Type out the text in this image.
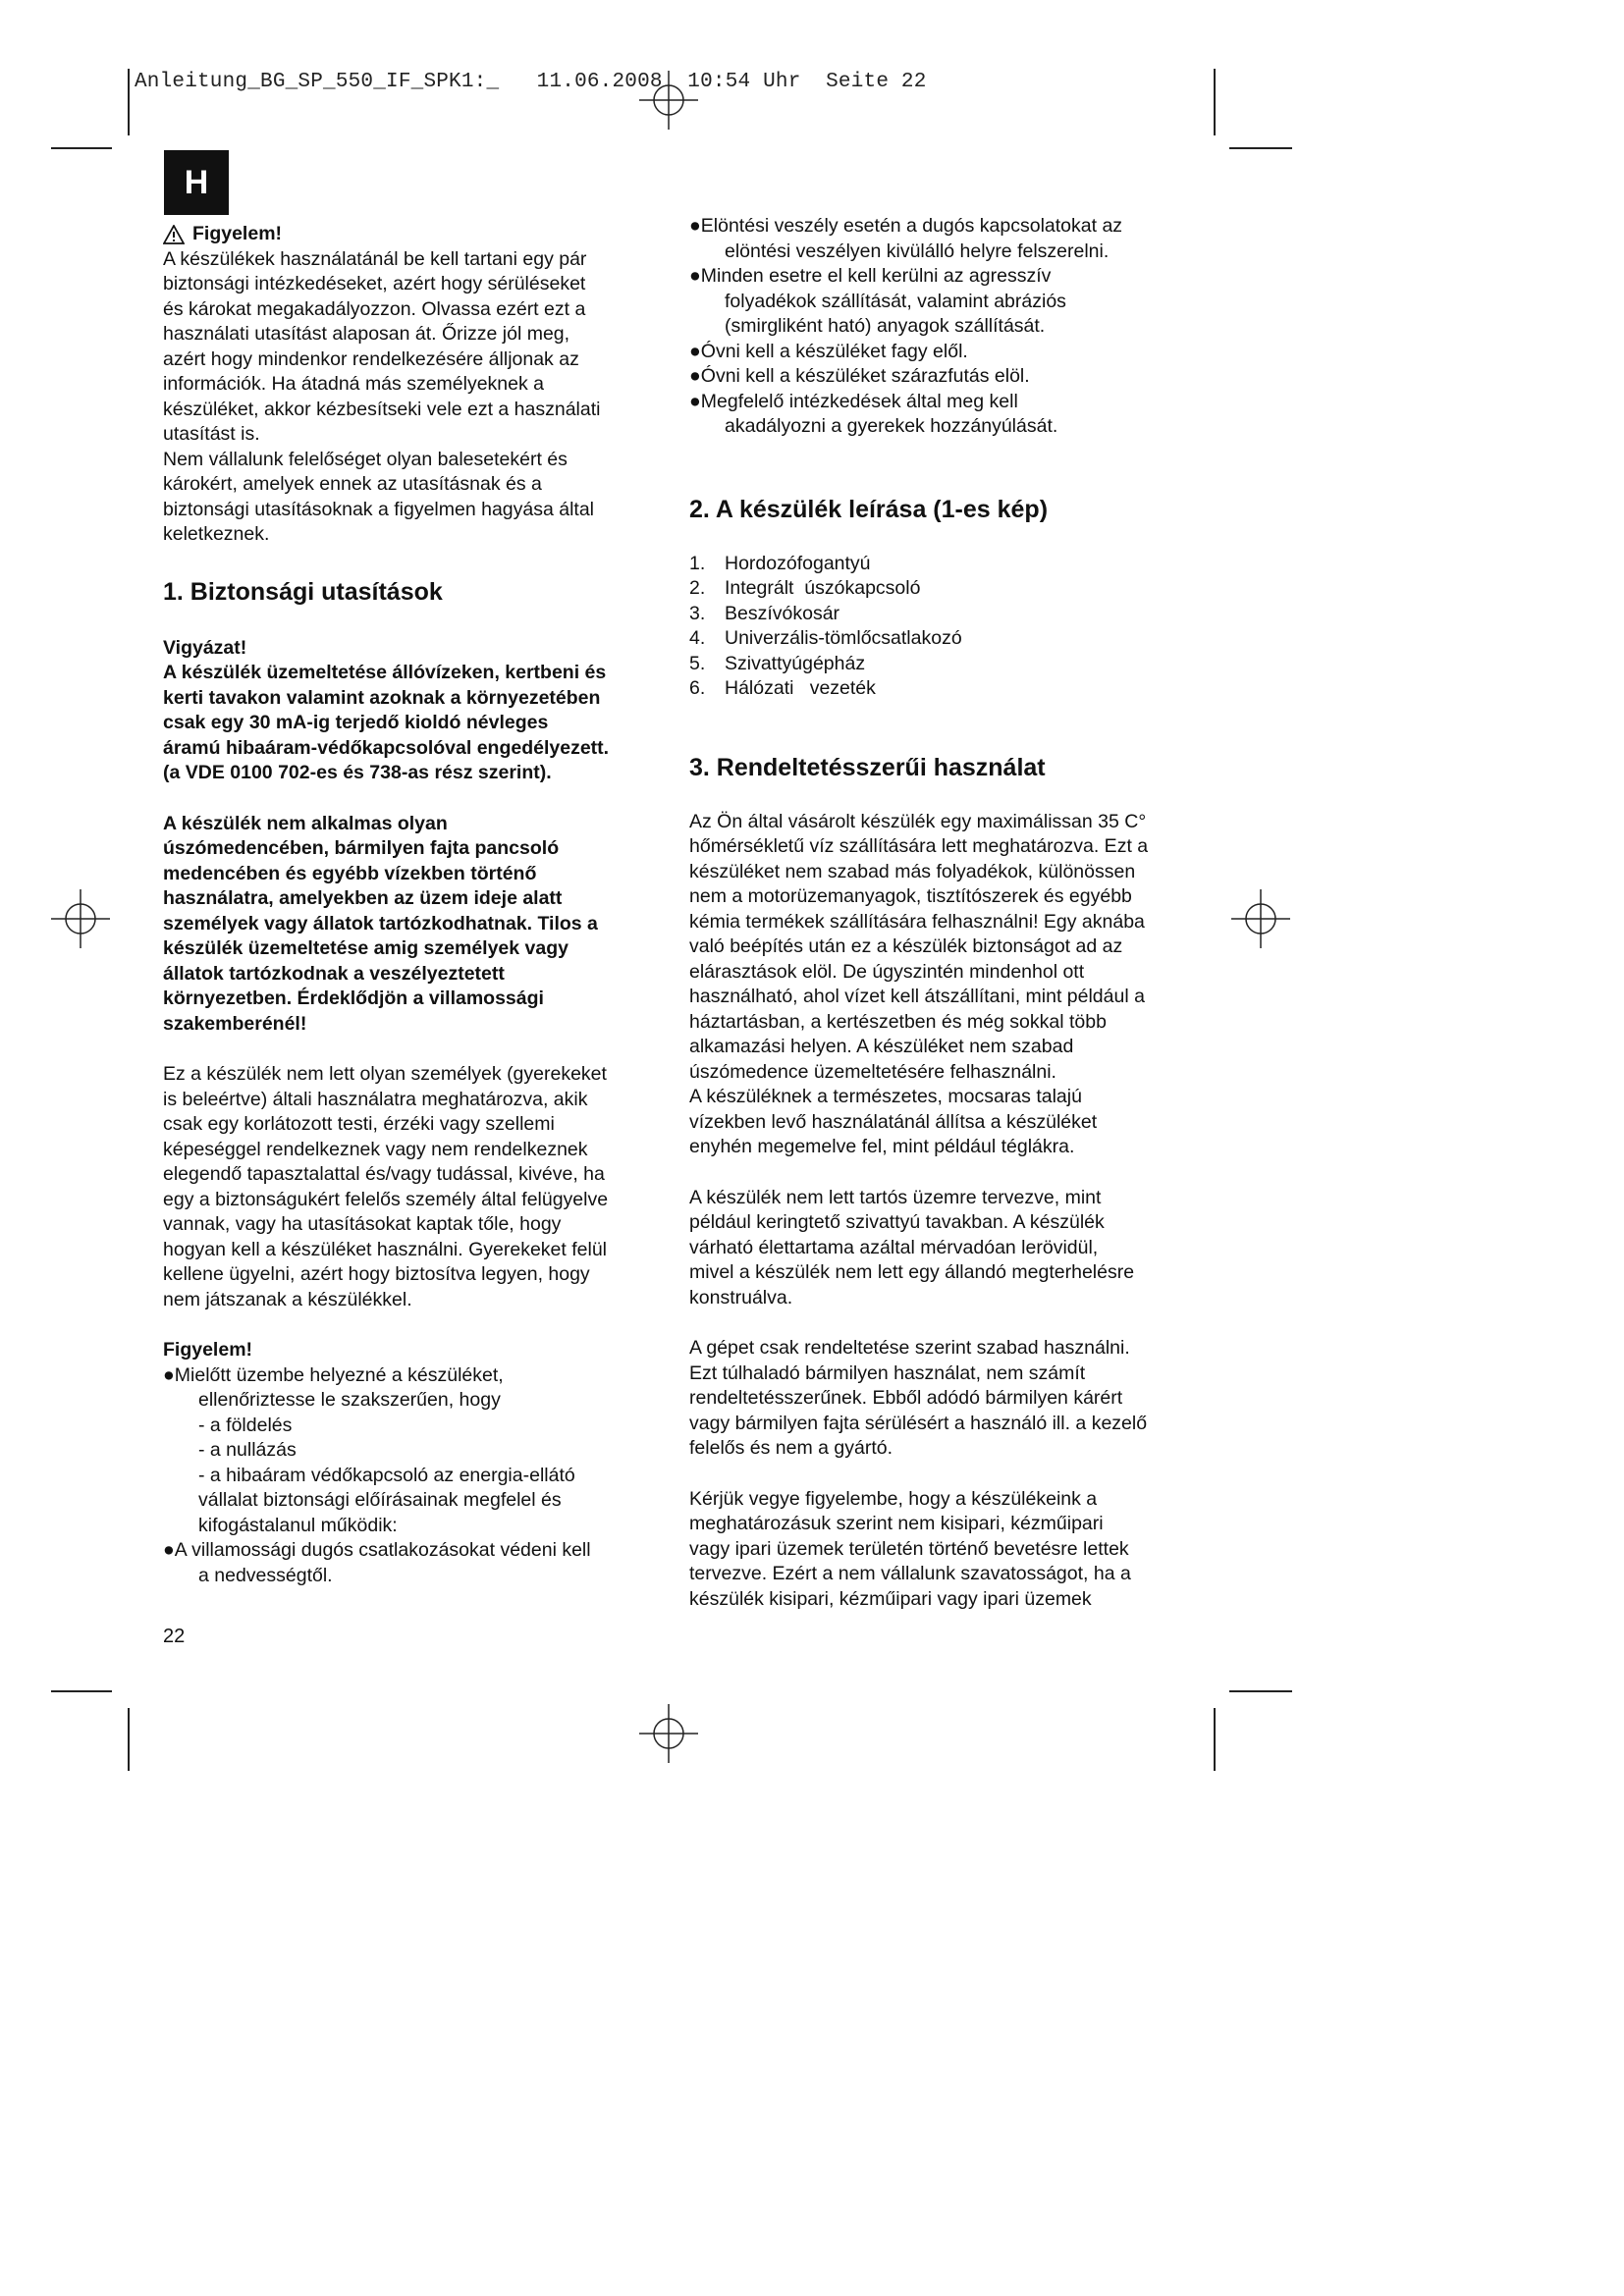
Anleitung_BG_SP_550_IF_SPK1:_   11.06.2008  10:54 Uhr  Seite 22
H
Figyelem!
A készülékek használatánál be kell tartani egy pár
biztonsági intézkedéseket, azért hogy sérüléseket
és károkat megakadályozzon. Olvassa ezért ezt a
használati utasítást alaposan át. Őrizze jól meg,
azért hogy mindenkor rendelkezésére álljonak az
információk. Ha átadná más személyeknek a
készüléket, akkor kézbesítseki vele ezt a használati
utasítást is.
Nem vállalunk felelőséget olyan balesetekért és
károkért, amelyek ennek az utasításnak és a
biztonsági utasításoknak a figyelmen hagyása által
keletkeznek.
1. Biztonsági utasítások
Vigyázat!
A készülék üzemeltetése állóvízeken, kertbeni és
kerti tavakon valamint azoknak a környezetében
csak egy 30 mA-ig terjedő kioldó névleges
áramú hibaáram-védőkapcsolóval engedélyezett.
(a VDE 0100 702-es és 738-as rész szerint).
A készülék nem alkalmas olyan
úszómedencében, bármilyen fajta pancsoló
medencében és egyébb vízekben történő
használatra, amelyekben az üzem ideje alatt
személyek vagy állatok tartózkodhatnak. Tilos a
készülék üzemeltetése amig személyek vagy
állatok tartózkodnak a veszélyeztetett
környezetben. Érdeklődjön a villamossági
szakemberénél!
Ez a készülék nem lett olyan személyek (gyerekeket
is beleértve) általi használatra meghatározva, akik
csak egy korlátozott testi, érzéki vagy szellemi
képeséggel rendelkeznek vagy nem rendelkeznek
elegendő tapasztalattal és/vagy tudással, kivéve, ha
egy a biztonságukért felelős személy által felügyelve
vannak, vagy ha utasításokat kaptak tőle, hogy
hogyan kell a készüléket használni. Gyerekeket felül
kellene ügyelni, azért hogy biztosítva legyen, hogy
nem játszanak a készülékkel.
Figyelem!
●Mielőtt üzembe helyezné a készüléket,
ellenőriztesse le szakszerűen, hogy
- a földelés
- a nullázás
- a hibaáram védőkapcsoló az energia-ellátó
vállalat biztonsági előírásainak megfelel és
kifogástalanul működik:
●A villamossági dugós csatlakozásokat védeni kell
a nedvességtől.
22
●Elöntési veszély esetén a dugós kapcsolatokat az
elöntési veszélyen kivülálló helyre felszerelni.
●Minden esetre el kell kerülni az agresszív
folyadékok szállítását, valamint abráziós
(smirgliként ható) anyagok szállítását.
●Óvni kell a készüléket fagy elől.
●Óvni kell a készüléket szárazfutás elöl.
●Megfelelő intézkedések által meg kell
akadályozni a gyerekek hozzányúlását.
2. A készülék leírása (1-es kép)
1.	Hordozófogantyú
2.	Integrált  úszókapcsoló
3.	Beszívókosár
4.	Univerzális-tömlőcsatlakozó
5.	Szivattyúgépház
6.	Hálózati   vezeték
3. Rendeltetésszerűi használat
Az Ön által vásárolt készülék egy maximálissan 35 C°
hőmérsékletű víz szállítására lett meghatározva. Ezt a
készüléket nem szabad más folyadékok, különössen
nem a motorüzemanyagok, tisztítószerek és egyébb
kémia termékek szállítására felhasználni! Egy aknába
való beépítés után ez a készülék biztonságot ad az
elárasztások elöl. De úgyszintén mindenhol ott
használható, ahol vízet kell átszállítani, mint például a
háztartásban, a kertészetben és még sokkal több
alkamazási helyen. A készüléket nem szabad
úszómedence üzemeltetésére felhasználni.
A készüléknek a természetes, mocsaras talajú
vízekben levő használatánál állítsa a készüléket
enyhén megemelve fel, mint például téglákra.
A készülék nem lett tartós üzemre tervezve, mint
például keringtető szivattyú tavakban. A készülék
várható élettartama azáltal mérvadóan lerövidül,
mivel a készülék nem lett egy állandó megterhelésre
konstruálva.
A gépet csak rendeltetése szerint szabad használni.
Ezt túlhaladó bármilyen használat, nem számít
rendeltetésszerűnek. Ebből adódó bármilyen kárért
vagy bármilyen fajta sérülésért a használó ill. a kezelő
felelős és nem a gyártó.
Kérjük vegye figyelembe, hogy a készülékeink a
meghatározásuk szerint nem kisipari, kézműipari
vagy ipari üzemek területén történő bevetésre lettek
tervezve. Ezért a nem vállalunk szavatosságot, ha a
készülék kisipari, kézműipari vagy ipari üzemek
